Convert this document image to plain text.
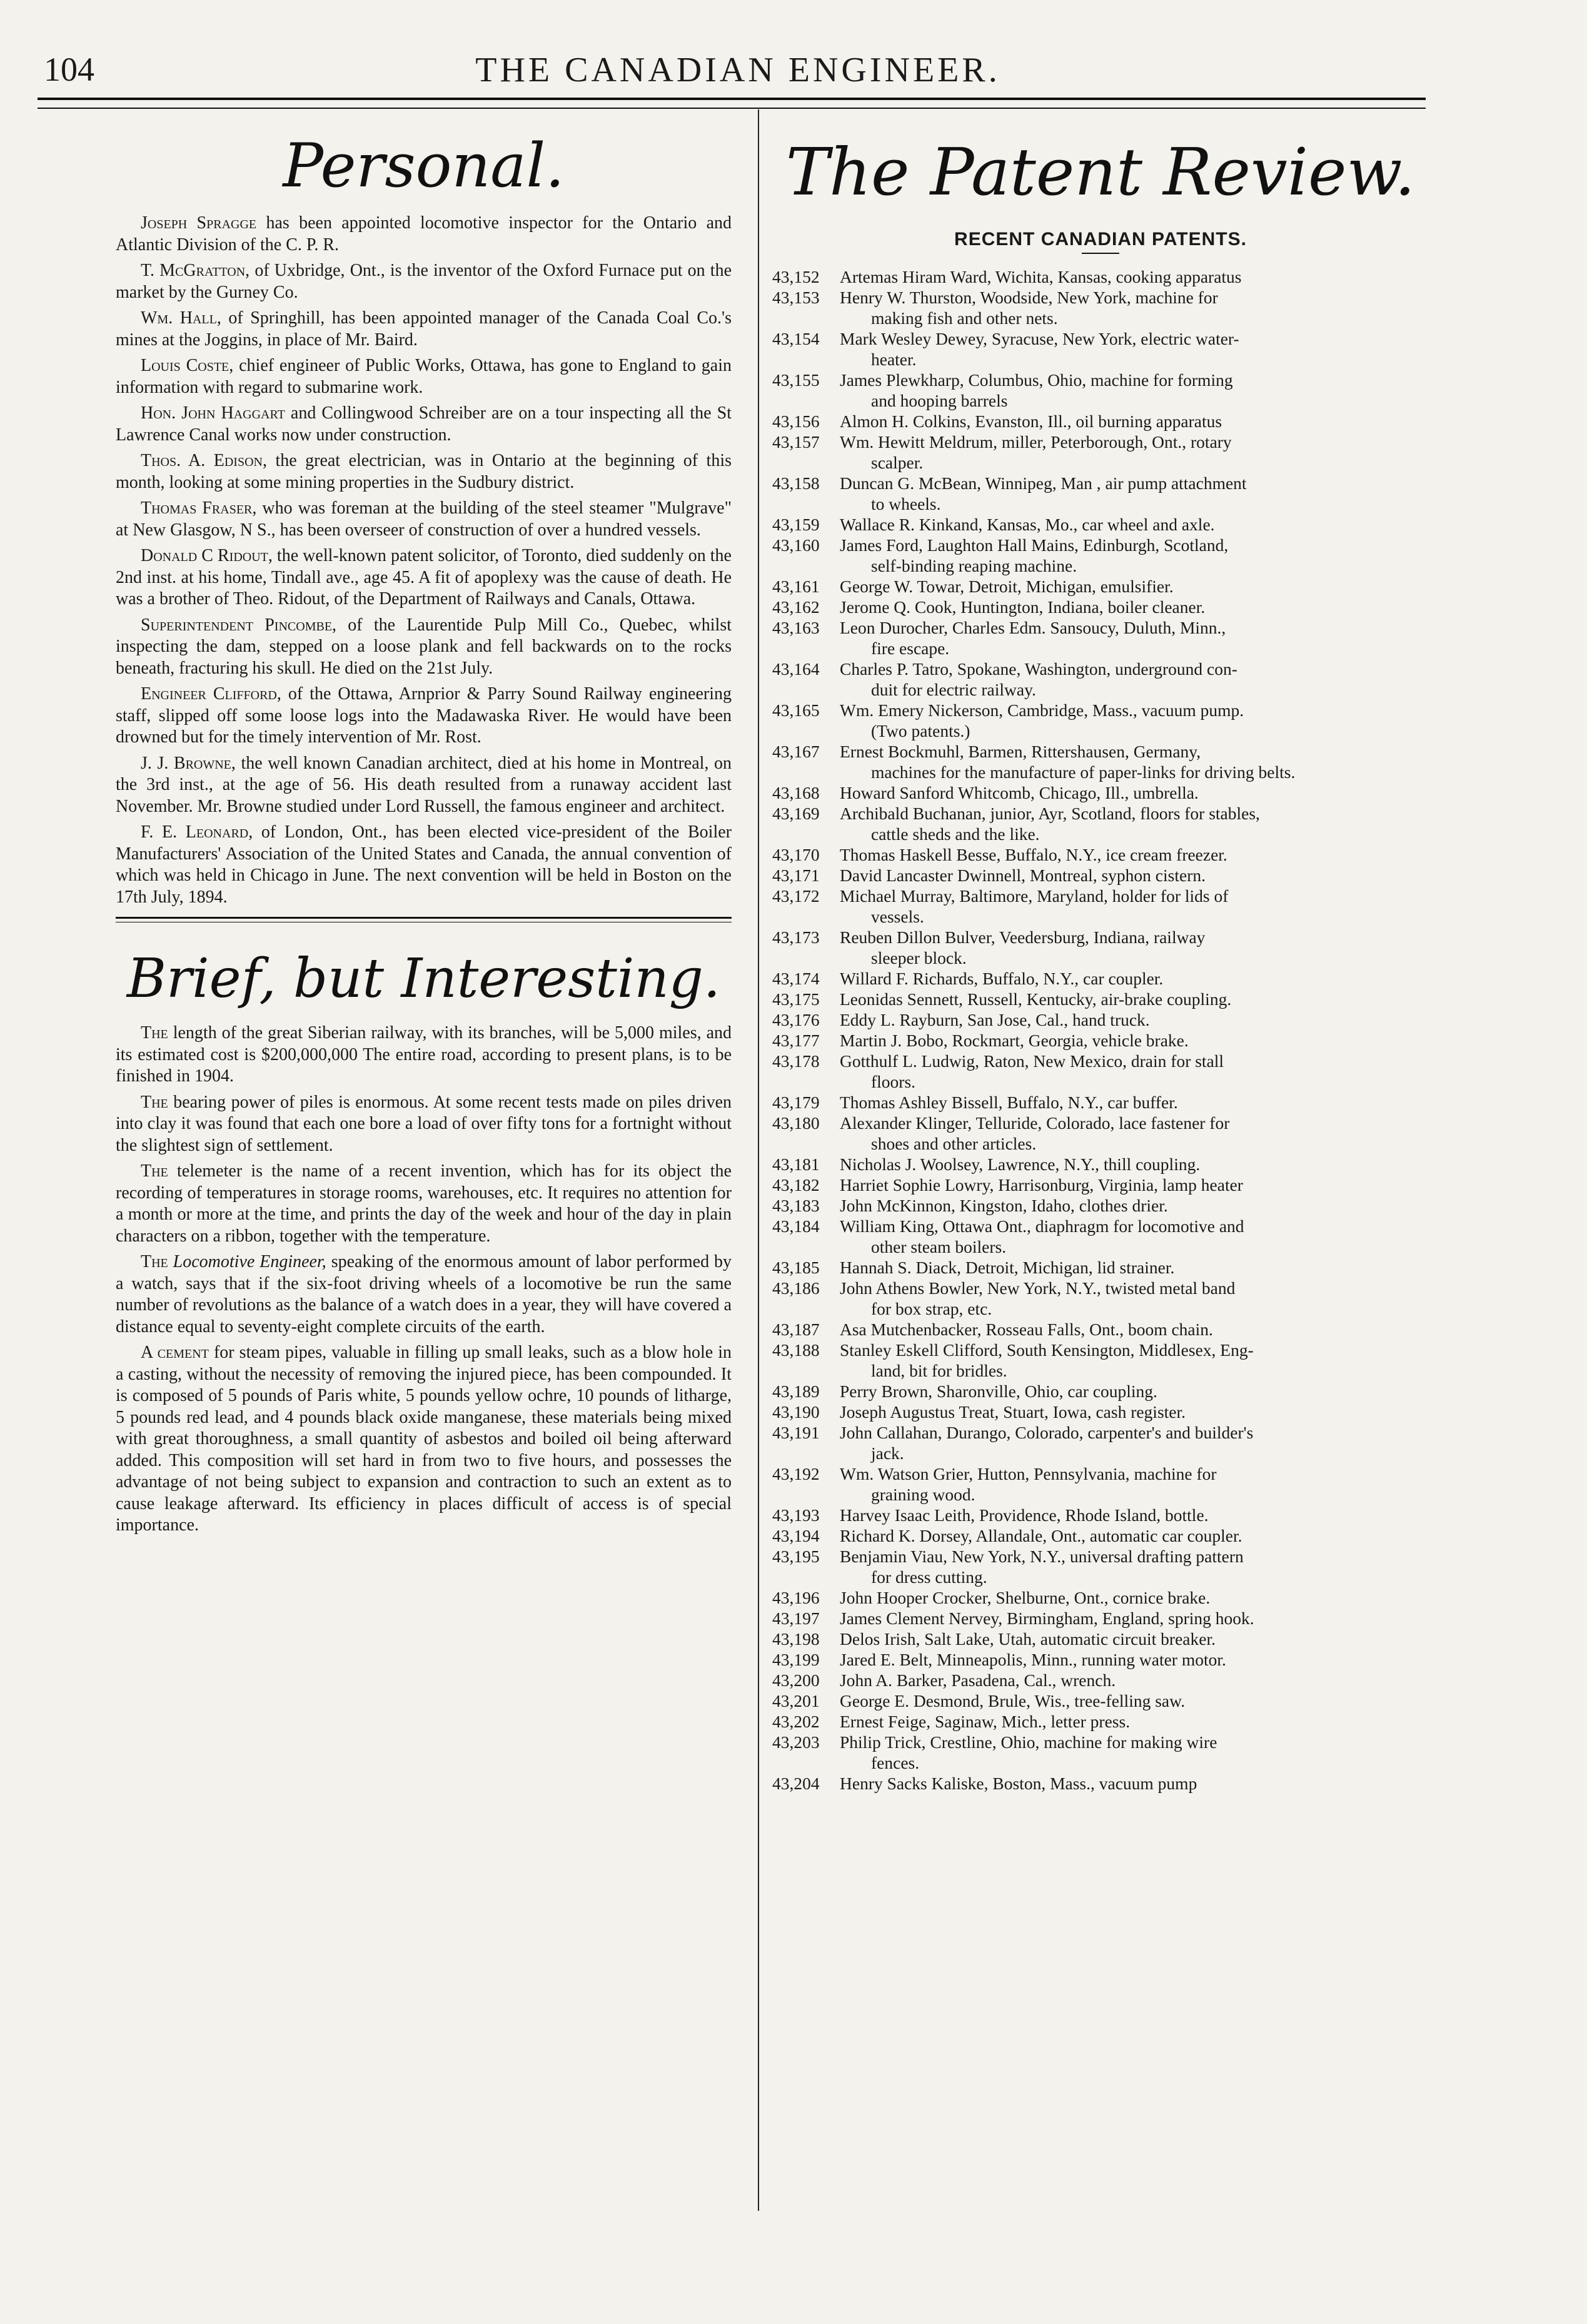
104	THE CANADIAN ENGINEER.
Personal.

Joseph Spragge has been appointed locomotive inspector for the Ontario and Atlantic Division of the C. P. R.

T. McGratton, of Uxbridge, Ont., is the inventor of the Oxford Furnace put on the market by the Gurney Co.

Wm. Hall, of Springhill, has been appointed manager of the Canada Coal Co.'s mines at the Joggins, in place of Mr. Baird.

Louis Coste, chief engineer of Public Works, Ottawa, has gone to England to gain information with regard to submarine work.

Hon. John Haggart and Collingwood Schreiber are on a tour inspecting all the St Lawrence Canal works now under construction.

Thos. A. Edison, the great electrician, was in Ontario at the beginning of this month, looking at some mining properties in the Sudbury district.

Thomas Fraser, who was foreman at the building of the steel steamer "Mulgrave" at New Glasgow, N S., has been overseer of construction of over a hundred vessels.

Donald C Ridout, the well-known patent solicitor, of Toronto, died suddenly on the 2nd inst. at his home, Tindall ave., age 45. A fit of apoplexy was the cause of death. He was a brother of Theo. Ridout, of the Department of Railways and Canals, Ottawa.

Superintendent Pincombe, of the Laurentide Pulp Mill Co., Quebec, whilst inspecting the dam, stepped on a loose plank and fell backwards on to the rocks beneath, fracturing his skull. He died on the 21st July.

Engineer Clifford, of the Ottawa, Arnprior & Parry Sound Railway engineering staff, slipped off some loose logs into the Madawaska River. He would have been drowned but for the timely intervention of Mr. Rost.

J. J. Browne, the well known Canadian architect, died at his home in Montreal, on the 3rd inst., at the age of 56. His death resulted from a runaway accident last November. Mr. Browne studied under Lord Russell, the famous engineer and architect.

F. E. Leonard, of London, Ont., has been elected vice-president of the Boiler Manufacturers' Association of the United States and Canada, the annual convention of which was held in Chicago in June. The next convention will be held in Boston on the 17th July, 1894.

Brief, but Interesting.

The length of the great Siberian railway, with its branches, will be 5,000 miles, and its estimated cost is $200,000,000 The entire road, according to present plans, is to be finished in 1904.

The bearing power of piles is enormous. At some recent tests made on piles driven into clay it was found that each one bore a load of over fifty tons for a fortnight without the slightest sign of settlement.

The telemeter is the name of a recent invention, which has for its object the recording of temperatures in storage rooms, warehouses, etc. It requires no attention for a month or more at the time, and prints the day of the week and hour of the day in plain characters on a ribbon, together with the temperature.

The Locomotive Engineer, speaking of the enormous amount of labor performed by a watch, says that if the six-foot driving wheels of a locomotive be run the same number of revolutions as the balance of a watch does in a year, they will have covered a distance equal to seventy-eight complete circuits of the earth.

A cement for steam pipes, valuable in filling up small leaks, such as a blow hole in a casting, without the necessity of removing the injured piece, has been compounded. It is composed of 5 pounds of Paris white, 5 pounds yellow ochre, 10 pounds of litharge, 5 pounds red lead, and 4 pounds black oxide manganese, these materials being mixed with great thoroughness, a small quantity of asbestos and boiled oil being afterward added. This composition will set hard in from two to five hours, and possesses the advantage of not being subject to expansion and contraction to such an extent as to cause leakage afterward. Its efficiency in places difficult of access is of special importance.

The Patent Review.
RECENT CANADIAN PATENTS.
43,152	Artemas Hiram Ward, Wichita, Kansas, cooking apparatus
43,153	Henry W. Thurston, Woodside, New York, machine for
making fish and other nets.
43,154	Mark Wesley Dewey, Syracuse, New York, electric water-
heater.
43,155	James Plewkharp, Columbus, Ohio, machine for forming
and hooping barrels
43,156	Almon H. Colkins, Evanston, Ill., oil burning apparatus
43,157	Wm. Hewitt Meldrum, miller, Peterborough, Ont., rotary
scalper.
43,158	Duncan G. McBean, Winnipeg, Man , air pump attachment
to wheels.
43,159	Wallace R. Kinkand, Kansas, Mo., car wheel and axle.
43,160	James Ford, Laughton Hall Mains, Edinburgh, Scotland,
self-binding reaping machine.
43,161	George W. Towar, Detroit, Michigan, emulsifier.
43,162	Jerome Q. Cook, Huntington, Indiana, boiler cleaner.
43,163	Leon Durocher, Charles Edm. Sansoucy, Duluth, Minn.,
fire escape.
43,164	Charles P. Tatro, Spokane, Washington, underground con-
duit for electric railway.
43,165	Wm. Emery Nickerson, Cambridge, Mass., vacuum pump.
(Two patents.)
43,167	Ernest Bockmuhl, Barmen, Rittershausen, Germany,
machines for the manufacture of paper-links for driving belts.
43,168	Howard Sanford Whitcomb, Chicago, Ill., umbrella.
43,169	Archibald Buchanan, junior, Ayr, Scotland, floors for stables,
cattle sheds and the like.
43,170	Thomas Haskell Besse, Buffalo, N.Y., ice cream freezer.
43,171	David Lancaster Dwinnell, Montreal, syphon cistern.
43,172	Michael Murray, Baltimore, Maryland, holder for lids of
vessels.
43,173	Reuben Dillon Bulver, Veedersburg, Indiana, railway
sleeper block.
43,174	Willard F. Richards, Buffalo, N.Y., car coupler.
43,175	Leonidas Sennett, Russell, Kentucky, air-brake coupling.
43,176	Eddy L. Rayburn, San Jose, Cal., hand truck.
43,177	Martin J. Bobo, Rockmart, Georgia, vehicle brake.
43,178	Gotthulf L. Ludwig, Raton, New Mexico, drain for stall
floors.
43,179	Thomas Ashley Bissell, Buffalo, N.Y., car buffer.
43,180	Alexander Klinger, Telluride, Colorado, lace fastener for
shoes and other articles.
43,181	Nicholas J. Woolsey, Lawrence, N.Y., thill coupling.
43,182	Harriet Sophie Lowry, Harrisonburg, Virginia, lamp heater
43,183	John McKinnon, Kingston, Idaho, clothes drier.
43,184	William King, Ottawa Ont., diaphragm for locomotive and
other steam boilers.
43,185	Hannah S. Diack, Detroit, Michigan, lid strainer.
43,186	John Athens Bowler, New York, N.Y., twisted metal band
for box strap, etc.
43,187	Asa Mutchenbacker, Rosseau Falls, Ont., boom chain.
43,188	Stanley Eskell Clifford, South Kensington, Middlesex, Eng-
land, bit for bridles.
43,189	Perry Brown, Sharonville, Ohio, car coupling.
43,190	Joseph Augustus Treat, Stuart, Iowa, cash register.
43,191	John Callahan, Durango, Colorado, carpenter's and builder's
jack.
43,192	Wm. Watson Grier, Hutton, Pennsylvania, machine for
graining wood.
43,193	Harvey Isaac Leith, Providence, Rhode Island, bottle.
43,194	Richard K. Dorsey, Allandale, Ont., automatic car coupler.
43,195	Benjamin Viau, New York, N.Y., universal drafting pattern
for dress cutting.
43,196	John Hooper Crocker, Shelburne, Ont., cornice brake.
43,197	James Clement Nervey, Birmingham, England, spring hook.
43,198	Delos Irish, Salt Lake, Utah, automatic circuit breaker.
43,199	Jared E. Belt, Minneapolis, Minn., running water motor.
43,200	John A. Barker, Pasadena, Cal., wrench.
43,201	George E. Desmond, Brule, Wis., tree-felling saw.
43,202	Ernest Feige, Saginaw, Mich., letter press.
43,203	Philip Trick, Crestline, Ohio, machine for making wire
fences.
43,204	Henry Sacks Kaliske, Boston, Mass., vacuum pump
